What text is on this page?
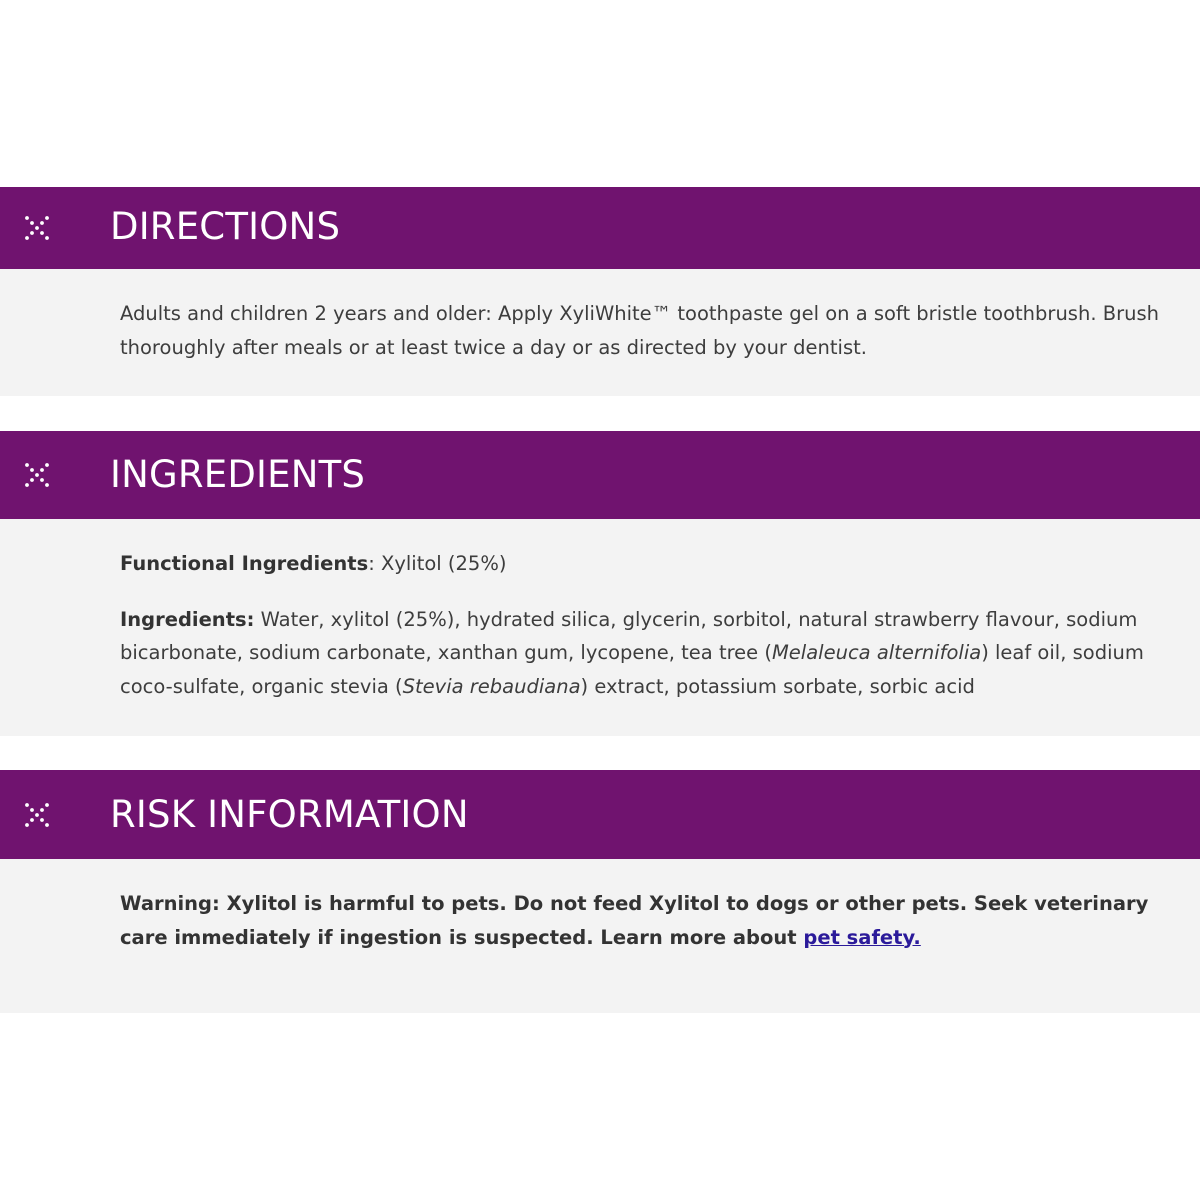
DIRECTIONS

Adults and children 2 years and older: Apply XyliWhite™ toothpaste gel on a soft bristle toothbrush. Brush thoroughly after meals or at least twice a day or as directed by your dentist.

INGREDIENTS

Functional Ingredients: Xylitol (25%)

Ingredients: Water, xylitol (25%), hydrated silica, glycerin, sorbitol, natural strawberry flavour, sodium bicarbonate, sodium carbonate, xanthan gum, lycopene, tea tree (Melaleuca alternifolia) leaf oil, sodium coco-sulfate, organic stevia (Stevia rebaudiana) extract, potassium sorbate, sorbic acid

RISK INFORMATION

Warning: Xylitol is harmful to pets. Do not feed Xylitol to dogs or other pets. Seek veterinary care immediately if ingestion is suspected. Learn more about pet safety.
